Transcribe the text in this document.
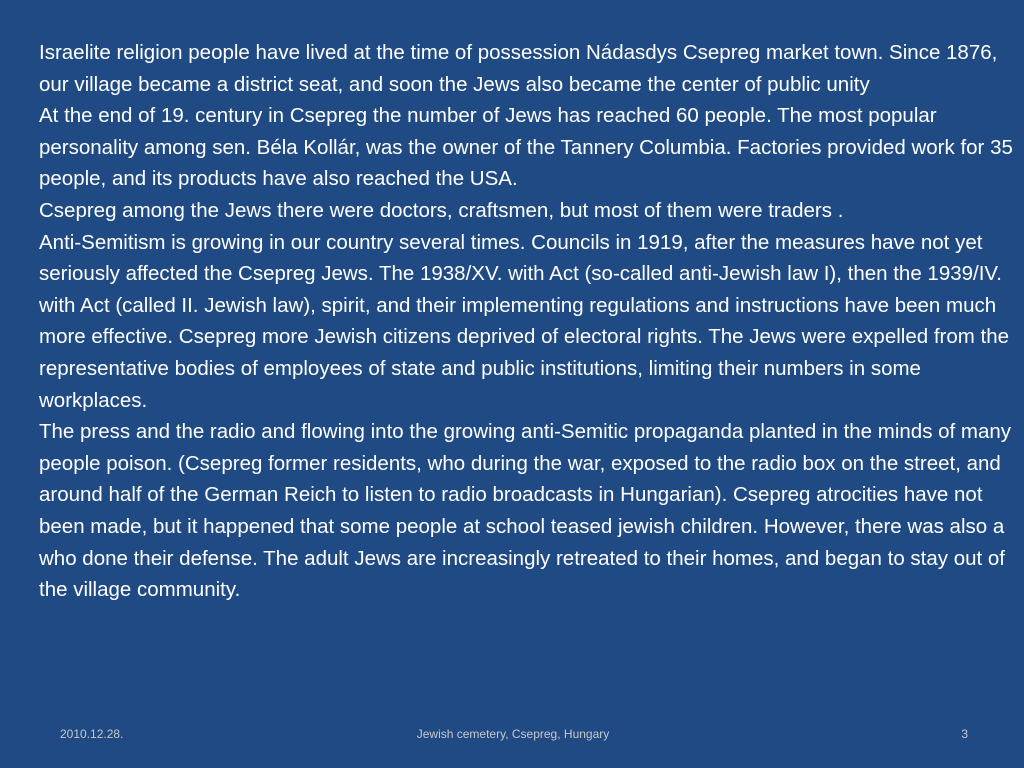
Israelite religion people have lived at the time of possession Nádasdys Csepreg market town. Since 1876, our village became a district seat, and soon the Jews also became the center of public unity

At the end of 19. century in Csepreg the number of Jews has reached 60 people. The most popular personality among sen. Béla Kollár, was the owner of the Tannery Columbia. Factories provided work for 35 people, and its products have also reached the USA.

Csepreg among the Jews there were doctors, craftsmen, but most of them were traders .

Anti-Semitism is growing in our country several times. Councils in 1919, after the measures have not yet seriously affected the Csepreg Jews. The 1938/XV. with Act (so-called anti-Jewish law I), then the 1939/IV. with Act (called II. Jewish law), spirit, and their implementing regulations and instructions have been much more effective. Csepreg more Jewish citizens deprived of electoral rights. The Jews were expelled from the representative bodies of employees of state and public institutions, limiting their numbers in some workplaces.

The press and the radio and flowing into the growing anti-Semitic propaganda planted in the minds of many people poison. (Csepreg former residents, who during the war, exposed to the radio box on the street, and around half of the German Reich to listen to radio broadcasts in Hungarian). Csepreg atrocities have not been made, but it happened that some people at school teased jewish children. However, there was also a who done their defense. The adult Jews are increasingly retreated to their homes, and began to stay out of the village community.

2010.12.28.	Jewish cemetery, Csepreg, Hungary	3
